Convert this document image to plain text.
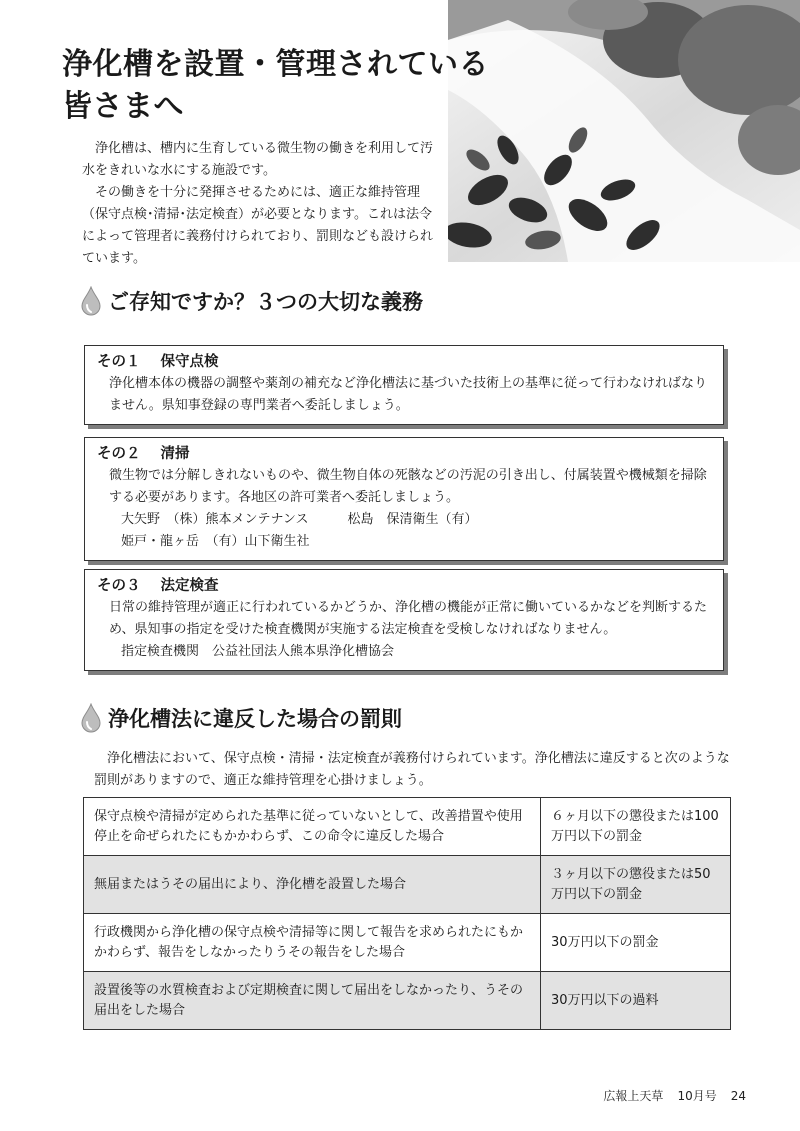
浄化槽を設置・管理されている
皆さまへ

浄化槽は、槽内に生育している微生物の働きを利用して汚水をきれいな水にする施設です。

その働きを十分に発揮させるためには、適正な維持管理（保守点検･清掃･法定検査）が必要となります。これは法令によって管理者に義務付けられており、罰則なども設けられています。

ご存知ですか？３つの大切な義務
その１ 保守点検
浄化槽本体の機器の調整や薬剤の補充など浄化槽法に基づいた技術上の基準に従って行わなければなりません。県知事登録の専門業者へ委託しましょう。
その２ 清掃
微生物では分解しきれないものや、微生物自体の死骸などの汚泥の引き出し、付属装置や機械類を掃除する必要があります。各地区の許可業者へ委託しましょう。
大矢野　（株）熊本メンテナンス　　　松島　保清衛生（有）
姫戸・龍ヶ岳　（有）山下衛生社
その３ 法定検査
日常の維持管理が適正に行われているかどうか、浄化槽の機能が正常に働いているかなどを判断するため、県知事の指定を受けた検査機関が実施する法定検査を受検しなければなりません。
指定検査機関　公益社団法人熊本県浄化槽協会
浄化槽法に違反した場合の罰則

浄化槽法において、保守点検・清掃・法定検査が義務付けられています。浄化槽法に違反すると次のような罰則がありますので、適正な維持管理を心掛けましょう。

保守点検や清掃が定められた基準に従っていないとして、改善措置や使用停止を命ぜられたにもかかわらず、この命令に違反した場合	６ヶ月以下の懲役または100万円以下の罰金
無届またはうその届出により、浄化槽を設置した場合	３ヶ月以下の懲役または50万円以下の罰金
行政機関から浄化槽の保守点検や清掃等に関して報告を求められたにもかかわらず、報告をしなかったりうその報告をした場合	30万円以下の罰金
設置後等の水質検査および定期検査に関して届出をしなかったり、うその届出をした場合	30万円以下の過料
広報上天草 10月号 24
